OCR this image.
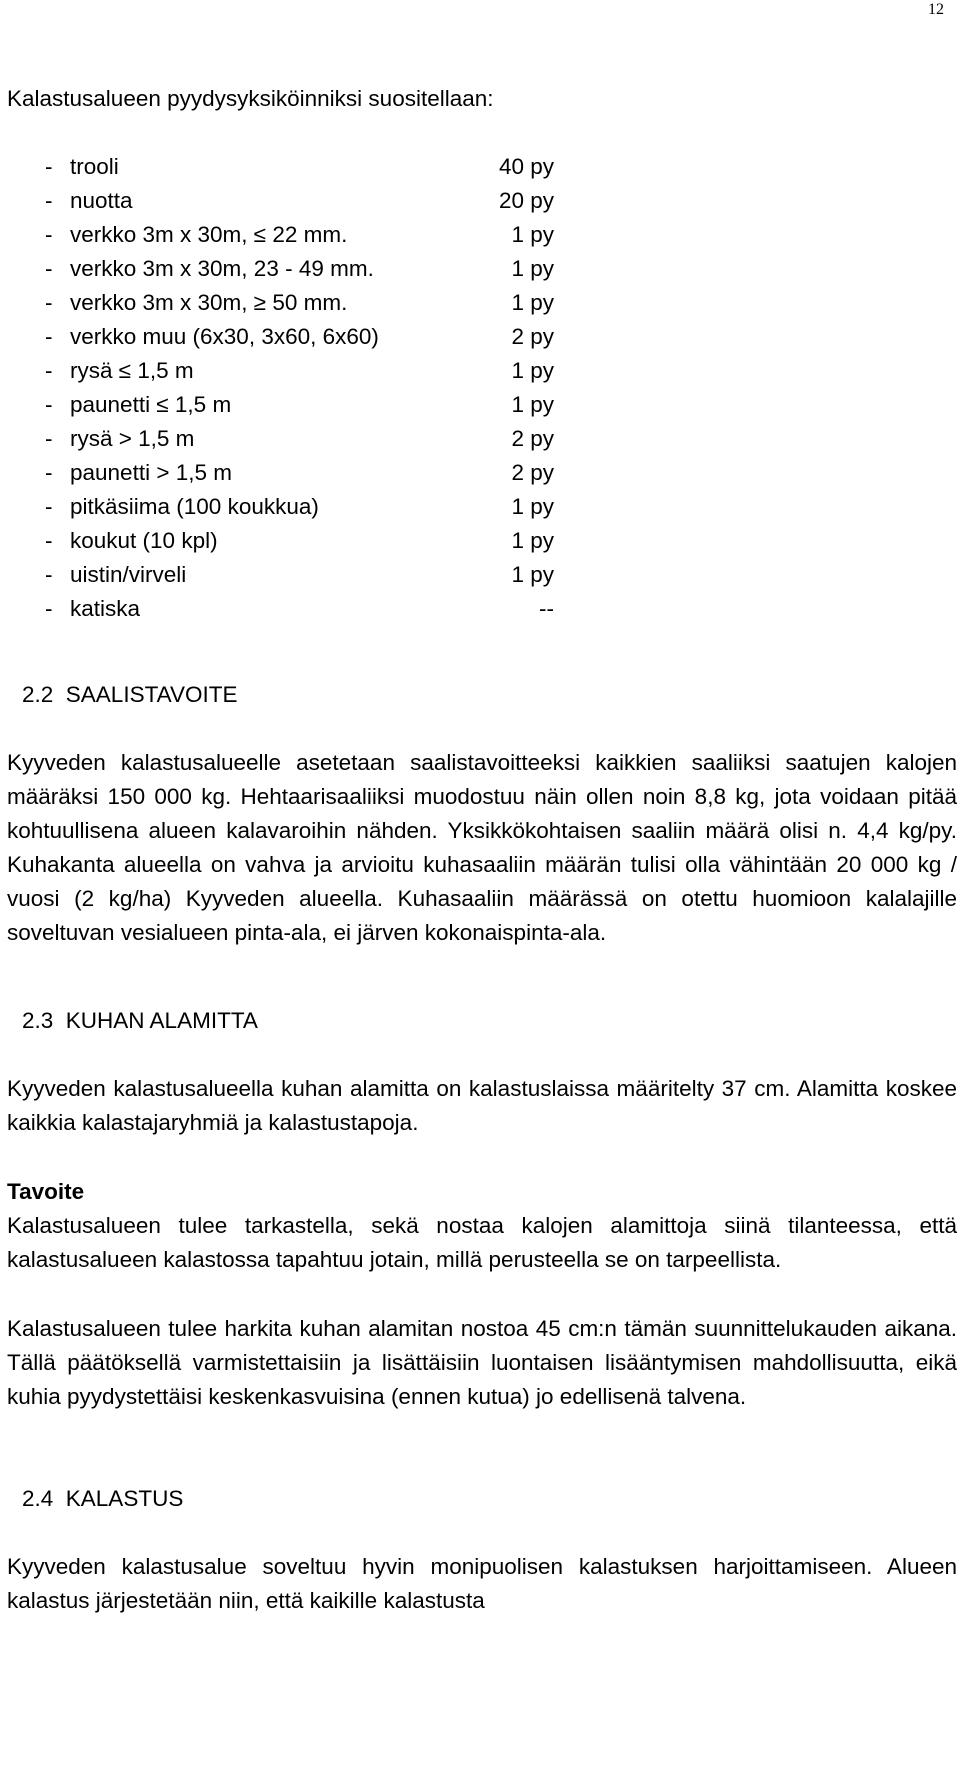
12

Kalastusalueen pyydysyksiköinniksi suositellaan:

- trooli	40 py
- nuotta	20 py
- verkko 3m x 30m, ≤ 22 mm.	1 py
- verkko 3m x 30m, 23 - 49 mm.	1 py
- verkko 3m x 30m, ≥ 50 mm.	1 py
- verkko muu (6x30, 3x60, 6x60)	2 py
- rysä ≤ 1,5 m	1 py
- paunetti ≤ 1,5 m	1 py
- rysä > 1,5 m	2 py
- paunetti > 1,5 m	2 py
- pitkäsiima (100 koukkua)	1 py
- koukut (10 kpl)	1 py
- uistin/virveli	1 py
- katiska	--

2.2  SAALISTAVOITE

Kyyveden kalastusalueelle asetetaan saalistavoitteeksi kaikkien saaliiksi saatujen kalojen määräksi 150 000 kg. Hehtaarisaaliiksi muodostuu näin ollen noin 8,8 kg, jota voidaan pitää kohtuullisena alueen kalavaroihin nähden. Yksikkökohtaisen saaliin määrä olisi n. 4,4 kg/py. Kuhakanta alueella on vahva ja arvioitu kuhasaaliin määrän tulisi olla vähintään 20 000 kg / vuosi (2 kg/ha) Kyyveden alueella. Kuhasaaliin määrässä on otettu huomioon kalalajille soveltuvan vesialueen pinta-ala, ei järven kokonaispinta-ala.

2.3  KUHAN ALAMITTA

Kyyveden kalastusalueella kuhan alamitta on kalastuslaissa määritelty 37 cm. Alamitta koskee kaikkia kalastajaryhmiä ja kalastustapoja.

Tavoite

Kalastusalueen tulee tarkastella, sekä nostaa kalojen alamittoja siinä tilanteessa, että kalastusalueen kalastossa tapahtuu jotain, millä perusteella se on tarpeellista.

Kalastusalueen tulee harkita kuhan alamitan nostoa 45 cm:n tämän suunnittelukauden aikana. Tällä päätöksellä varmistettaisiin ja lisättäisiin luontaisen lisääntymisen mahdollisuutta, eikä kuhia pyydystettäisi keskenkasvuisina (ennen kutua) jo edellisenä talvena.

2.4  KALASTUS

Kyyveden kalastusalue soveltuu hyvin monipuolisen kalastuksen harjoittamiseen. Alueen kalastus järjestetään niin, että kaikille kalastusta
